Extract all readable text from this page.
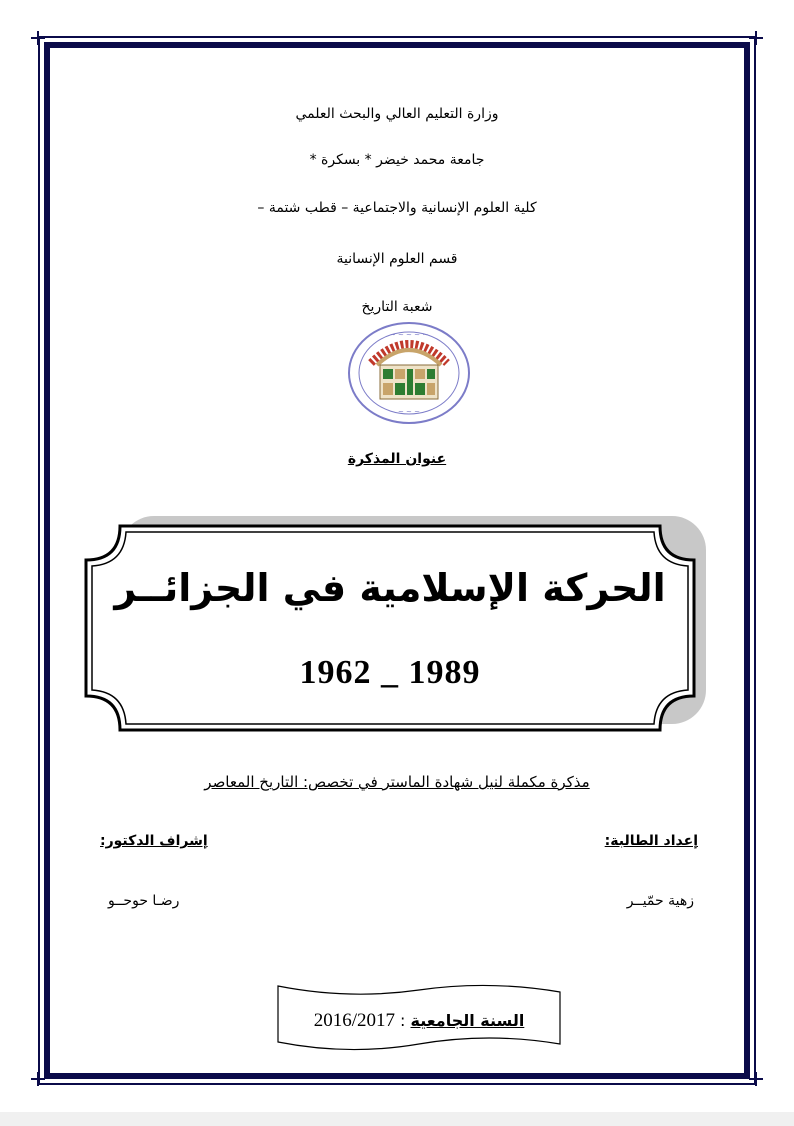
وزارة التعليم العالي والبحث العلمي
جامعة محمد خيضر * بسكرة *
كلية العلوم الإنسانية والاجتماعية – قطب شتمة –
قسم العلوم الإنسانية
شعبة التاريخ
~ ~ ~ ~ ~
~ ~ ~
عنوان المذكرة
الحركة الإسلامية في الجزائــر
1962 _ 1989
مذكرة مكملة لنيل شهادة الماستر في تخصص: التاريخ المعاصر
إعداد الطالبة:
إشراف الدكتور:
زهية حمّيــر
رضـا حوحــو
السنة الجامعية : 2016/2017
